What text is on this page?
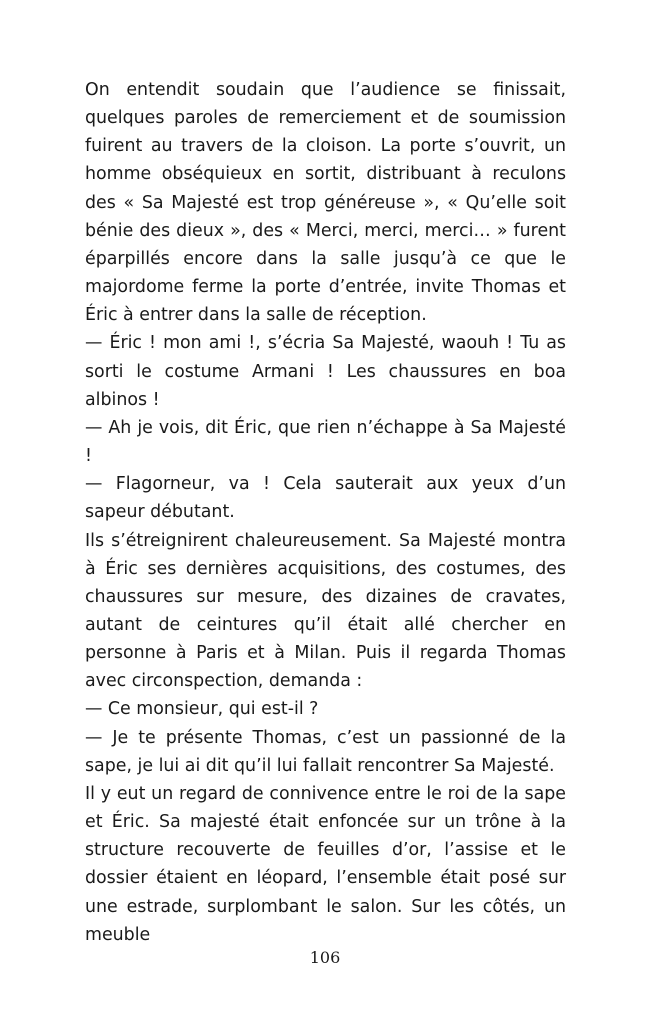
On entendit soudain que l’audience se finissait, quelques paroles de remerciement et de soumission fuirent au travers de la cloison. La porte s’ouvrit, un homme obséquieux en sortit, distribuant à reculons des « Sa Majesté est trop généreuse », « Qu’elle soit bénie des dieux », des « Merci, merci, merci… » furent éparpillés encore dans la salle jusqu’à ce que le majordome ferme la porte d’entrée, invite Thomas et Éric à entrer dans la salle de réception.

— Éric ! mon ami !, s’écria Sa Majesté, waouh ! Tu as sorti le costume Armani ! Les chaussures en boa albinos !

— Ah je vois, dit Éric, que rien n’échappe à Sa Majesté !

— Flagorneur, va ! Cela sauterait aux yeux d’un sapeur débutant.

Ils s’étreignirent chaleureusement. Sa Majesté montra à Éric ses dernières acquisitions, des costumes, des chaussures sur mesure, des dizaines de cravates, autant de ceintures qu’il était allé chercher en personne à Paris et à Milan. Puis il regarda Thomas avec circonspection, demanda :

— Ce monsieur, qui est-il ?

— Je te présente Thomas, c’est un passionné de la sape, je lui ai dit qu’il lui fallait rencontrer Sa Majesté.

Il y eut un regard de connivence entre le roi de la sape et Éric. Sa majesté était enfoncée sur un trône à la structure recouverte de feuilles d’or, l’assise et le dossier étaient en léopard, l’ensemble était posé sur une estrade, surplombant le salon. Sur les côtés, un meuble

106
